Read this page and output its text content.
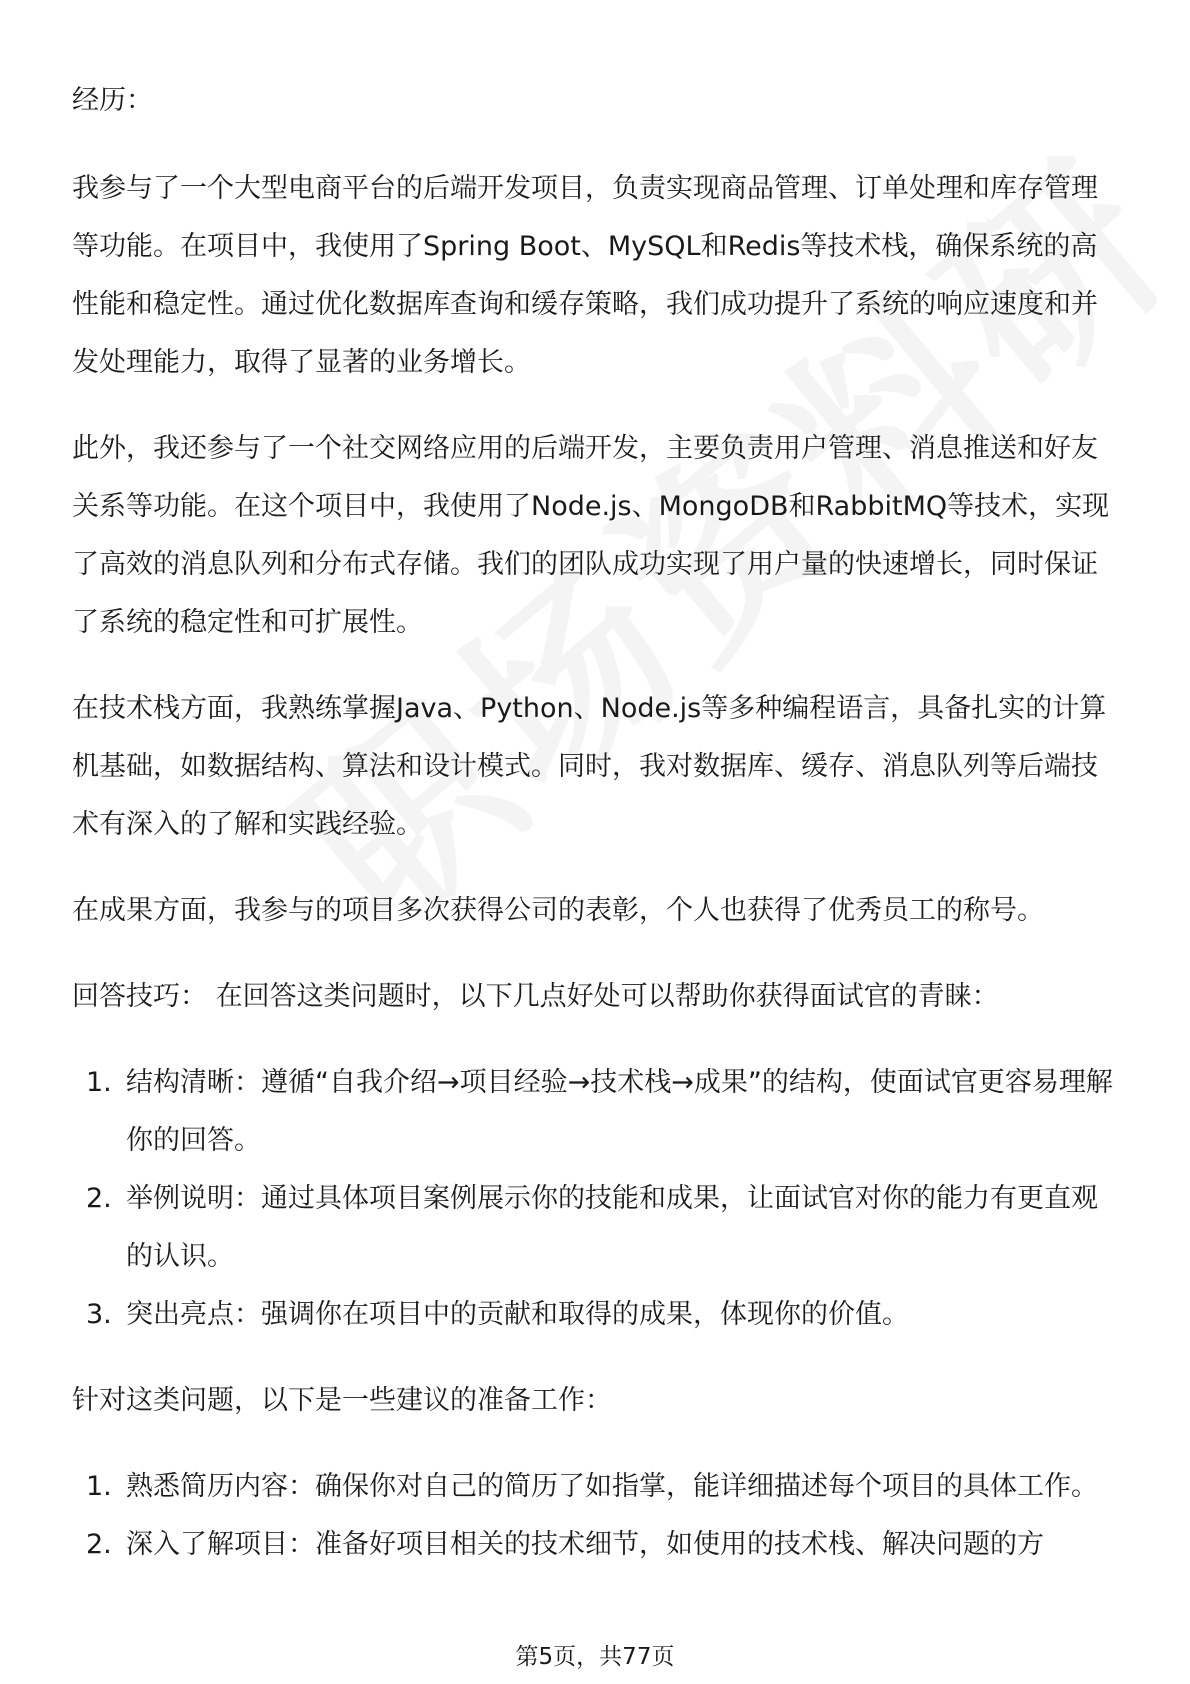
经历：
我参与了一个大型电商平台的后端开发项目，负责实现商品管理、订单处理和库存管理等功能。在项目中，我使用了Spring Boot、MySQL和Redis等技术栈，确保系统的高性能和稳定性。通过优化数据库查询和缓存策略，我们成功提升了系统的响应速度和并发处理能力，取得了显著的业务增长。
此外，我还参与了一个社交网络应用的后端开发，主要负责用户管理、消息推送和好友关系等功能。在这个项目中，我使用了Node.js、MongoDB和RabbitMQ等技术，实现了高效的消息队列和分布式存储。我们的团队成功实现了用户量的快速增长，同时保证了系统的稳定性和可扩展性。
在技术栈方面，我熟练掌握Java、Python、Node.js等多种编程语言，具备扎实的计算机基础，如数据结构、算法和设计模式。同时，我对数据库、缓存、消息队列等后端技术有深入的了解和实践经验。
在成果方面，我参与的项目多次获得公司的表彰，个人也获得了优秀员工的称号。
回答技巧： 在回答这类问题时，以下几点好处可以帮助你获得面试官的青睐：
1. 结构清晰：遵循“自我介绍→项目经验→技术栈→成果”的结构，使面试官更容易理解你的回答。
2. 举例说明：通过具体项目案例展示你的技能和成果，让面试官对你的能力有更直观的认识。
3. 突出亮点：强调你在项目中的贡献和取得的成果，体现你的价值。
针对这类问题，以下是一些建议的准备工作：
1. 熟悉简历内容：确保你对自己的简历了如指掌，能详细描述每个项目的具体工作。
2. 深入了解项目：准备好项目相关的技术细节，如使用的技术栈、解决问题的方
第5页，共77页
